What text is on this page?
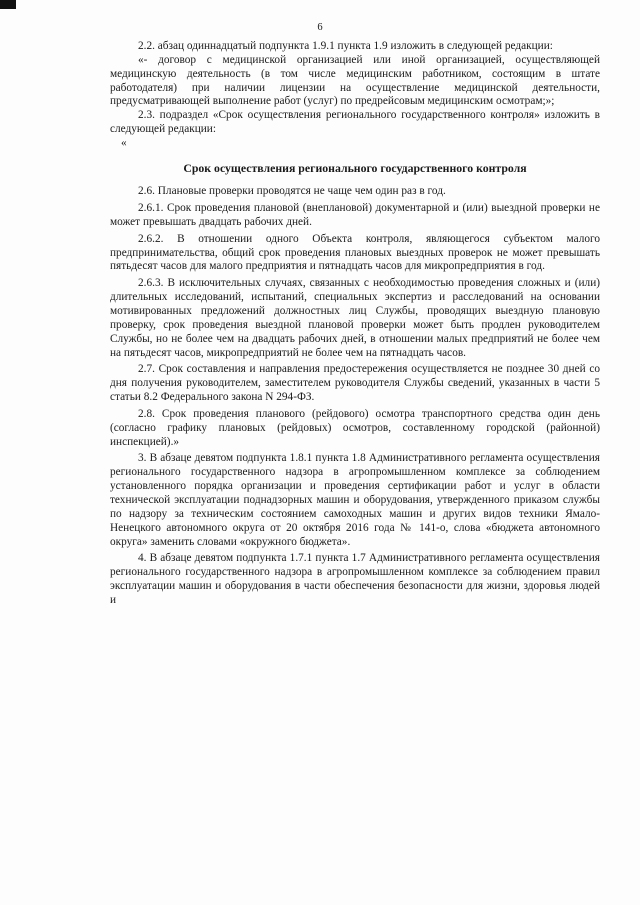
6

2.2. абзац одиннадцатый подпункта 1.9.1 пункта 1.9 изложить в следующей редакции:

«- договор с медицинской организацией или иной организацией, осуществляющей медицинскую деятельность (в том числе медицинским работником, состоящим в штате работодателя) при наличии лицензии на осуществление медицинской деятельности, предусматривающей выполнение работ (услуг) по предрейсовым медицинским осмотрам;»;

2.3. подраздел «Срок осуществления регионального государственного контроля» изложить в следующей редакции:

«

Срок осуществления регионального государственного контроля

2.6. Плановые проверки проводятся не чаще чем один раз в год.

2.6.1. Срок проведения плановой (внеплановой) документарной и (или) выездной проверки не может превышать двадцать рабочих дней.

2.6.2. В отношении одного Объекта контроля, являющегося субъектом малого предпринимательства, общий срок проведения плановых выездных проверок не может превышать пятьдесят часов для малого предприятия и пятнадцать часов для микропредприятия в год.

2.6.3. В исключительных случаях, связанных с необходимостью проведения сложных и (или) длительных исследований, испытаний, специальных экспертиз и расследований на основании мотивированных предложений должностных лиц Службы, проводящих выездную плановую проверку, срок проведения выездной плановой проверки может быть продлен руководителем Службы, но не более чем на двадцать рабочих дней, в отношении малых предприятий не более чем на пятьдесят часов, микропредприятий не более чем на пятнадцать часов.

2.7. Срок составления и направления предостережения осуществляется не позднее 30 дней со дня получения руководителем, заместителем руководителя Службы сведений, указанных в части 5 статьи 8.2 Федерального закона N 294-ФЗ.

2.8. Срок проведения планового (рейдового) осмотра транспортного средства один день (согласно графику плановых (рейдовых) осмотров, составленному городской (районной) инспекцией).»

3. В абзаце девятом подпункта 1.8.1 пункта 1.8 Административного регламента осуществления регионального государственного надзора в агропромышленном комплексе за соблюдением установленного порядка организации и проведения сертификации работ и услуг в области технической эксплуатации поднадзорных машин и оборудования, утвержденного приказом службы по надзору за техническим состоянием самоходных машин и других видов техники Ямало-Ненецкого автономного округа от 20 октября 2016 года № 141-о, слова «бюджета автономного округа» заменить словами «окружного бюджета».

4. В абзаце девятом подпункта 1.7.1 пункта 1.7 Административного регламента осуществления регионального государственного надзора в агропромышленном комплексе за соблюдением правил эксплуатации машин и оборудования в части обеспечения безопасности для жизни, здоровья людей и
